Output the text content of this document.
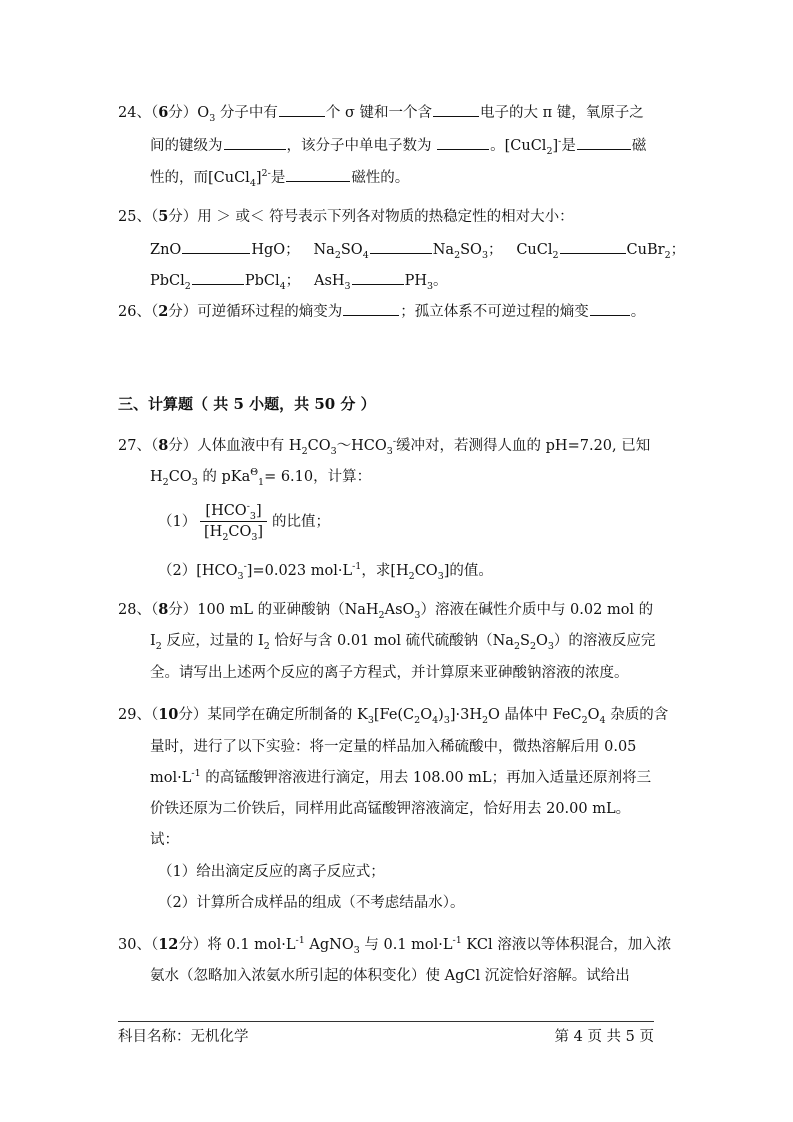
24、（6分）$O_3$ 分子中有	个 σ 键和一个含	电子的大 π 键，氧原子之
间的键级为	，该分子中单电子数为	。[CuCl$_2$]-是	磁
性的，而[CuCl$_4$]$^{2-}$是	磁性的。
25、（5分）用 ＞ 或＜ 符号表示下列各对物质的热稳定性的相对大小：
ZnO	HgO； $Na_2SO_4$	$Na_2SO_3$； CuCl$_2$	CuBr$_2$；
PbCl$_2$	PbCl$_4$； AsH$_3$	$PH_3$。
26、（2分）可逆循环过程的熵变为	；孤立体系不可逆过程的熵变	。
三、计算题（ 共 5 小题，共 50 分 ）
27、（8分）人体血液中有 $H_2CO_3\sim HCO_3^-$缓冲对，若测得人血的 pH=7.20, 已知
$H_2CO_3$ 的 pKa$^\Theta_1$= 6.10，计算：
（1）
$[HCO^-_3]$
$[H_2CO_3]$
的比值；
$(2)[HCO_3^-]=0.023$ $mol\cdot L^{-1}$，求$[H_2CO_3]$的值。
28、（8分）100 mL 的亚砷酸钠（NaH$_2$AsO$_3$）溶液在碱性介质中与 0.02 mol 的
$I_2$ 反应，过量的 $I_2$ 恰好与含 0.01 mol 硫代硫酸钠$(Na_2S_2O_3)$的溶液反应完
全。请写出上述两个反应的离子方程式，并计算原来亚砷酸钠溶液的浓度。
29、（10分）某同学在确定所制备的 $K_3[Fe(C_2O_4)_3]\cdot 3H_2O$ 晶体中 $FeC_2O_4$ 杂质的含
量时，进行了以下实验：将一定量的样品加入稀硫酸中，微热溶解后用 0.05
$mol\cdot L^{-1}$ 的高锰酸钾溶液进行滴定，用去 108.00 mL；再加入适量还原剂将三
价铁还原为二价铁后，同样用此高锰酸钾溶液滴定，恰好用去 20.00 mL。
试：
（1）给出滴定反应的离子反应式；
（2）计算所合成样品的组成（不考虑结晶水）。
30、（12分）将 0.1 $mol\cdot L^{-1}$ AgNO$_3$ 与 0.1 $mol\cdot L^{-1}$ KCl 溶液以等体积混合，加入浓
氨水（忽略加入浓氨水所引起的体积变化）使 AgCl 沉淀恰好溶解。试给出
科目名称：无机化学	第 4 页 共 5 页
